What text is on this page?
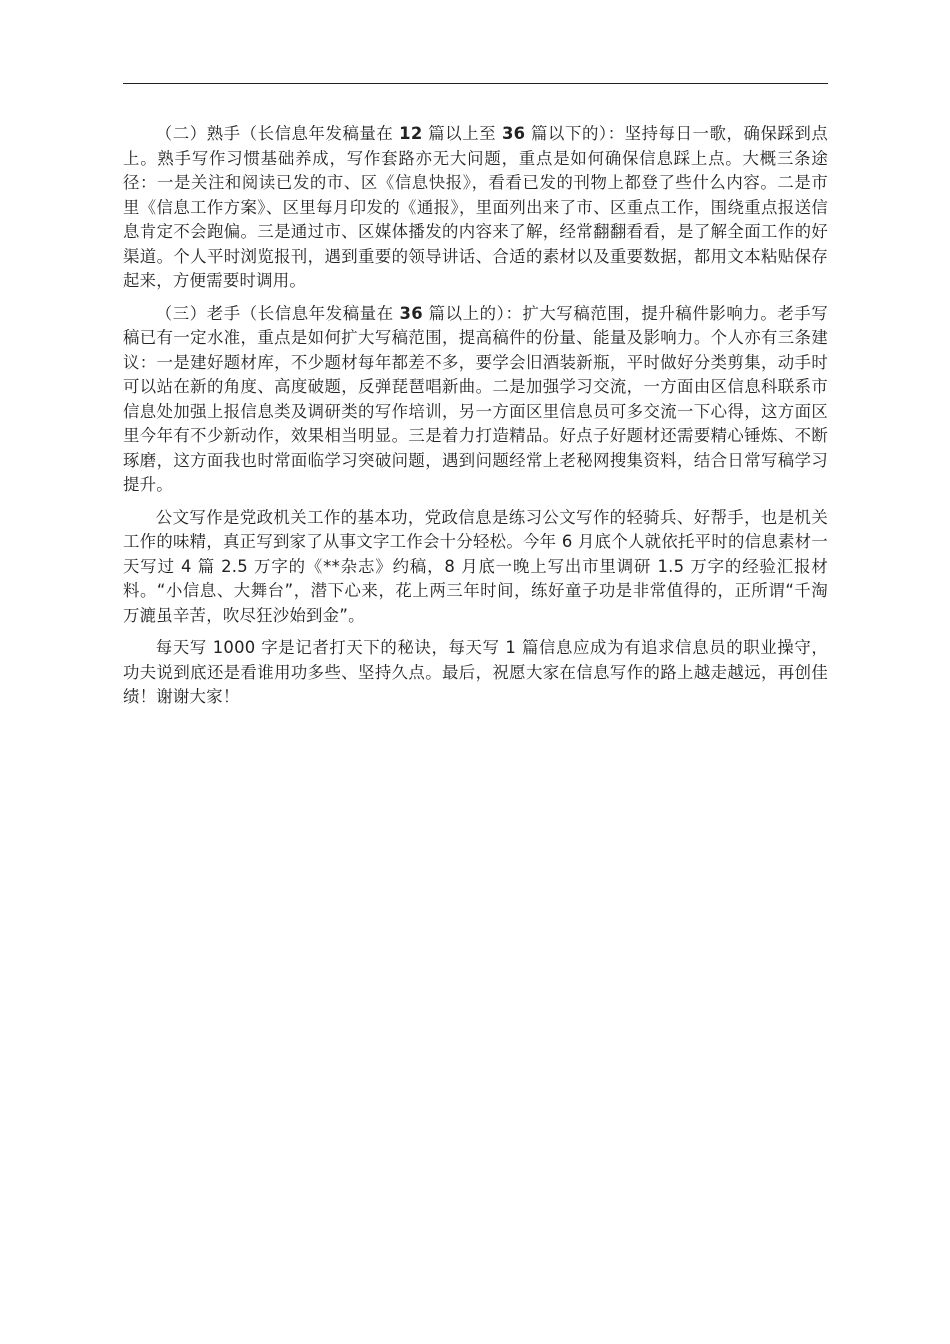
（二）熟手（长信息年发稿量在 12 篇以上至 36 篇以下的）：坚持每日一歌，确保踩到点上。熟手写作习惯基础养成，写作套路亦无大问题，重点是如何确保信息踩上点。大概三条途径：一是关注和阅读已发的市、区《信息快报》，看看已发的刊物上都登了些什么内容。二是市里《信息工作方案》、区里每月印发的《通报》，里面列出来了市、区重点工作，围绕重点报送信息肯定不会跑偏。三是通过市、区媒体播发的内容来了解，经常翻翻看看，是了解全面工作的好渠道。个人平时浏览报刊，遇到重要的领导讲话、合适的素材以及重要数据，都用文本粘贴保存起来，方便需要时调用。

（三）老手（长信息年发稿量在 36 篇以上的）：扩大写稿范围，提升稿件影响力。老手写稿已有一定水准，重点是如何扩大写稿范围，提高稿件的份量、能量及影响力。个人亦有三条建议：一是建好题材库，不少题材每年都差不多，要学会旧酒装新瓶，平时做好分类剪集，动手时可以站在新的角度、高度破题，反弹琵琶唱新曲。二是加强学习交流，一方面由区信息科联系市信息处加强上报信息类及调研类的写作培训，另一方面区里信息员可多交流一下心得，这方面区里今年有不少新动作，效果相当明显。三是着力打造精品。好点子好题材还需要精心锤炼、不断琢磨，这方面我也时常面临学习突破问题，遇到问题经常上老秘网搜集资料，结合日常写稿学习提升。

公文写作是党政机关工作的基本功，党政信息是练习公文写作的轻骑兵、好帮手，也是机关工作的味精，真正写到家了从事文字工作会十分轻松。今年 6 月底个人就依托平时的信息素材一天写过 4 篇 2.5 万字的《**杂志》约稿，8 月底一晚上写出市里调研 1.5 万字的经验汇报材料。“小信息、大舞台”，潜下心来，花上两三年时间，练好童子功是非常值得的，正所谓“千淘万漉虽辛苦，吹尽狂沙始到金”。

每天写 1000 字是记者打天下的秘诀，每天写 1 篇信息应成为有追求信息员的职业操守，功夫说到底还是看谁用功多些、坚持久点。最后，祝愿大家在信息写作的路上越走越远，再创佳绩！谢谢大家！
